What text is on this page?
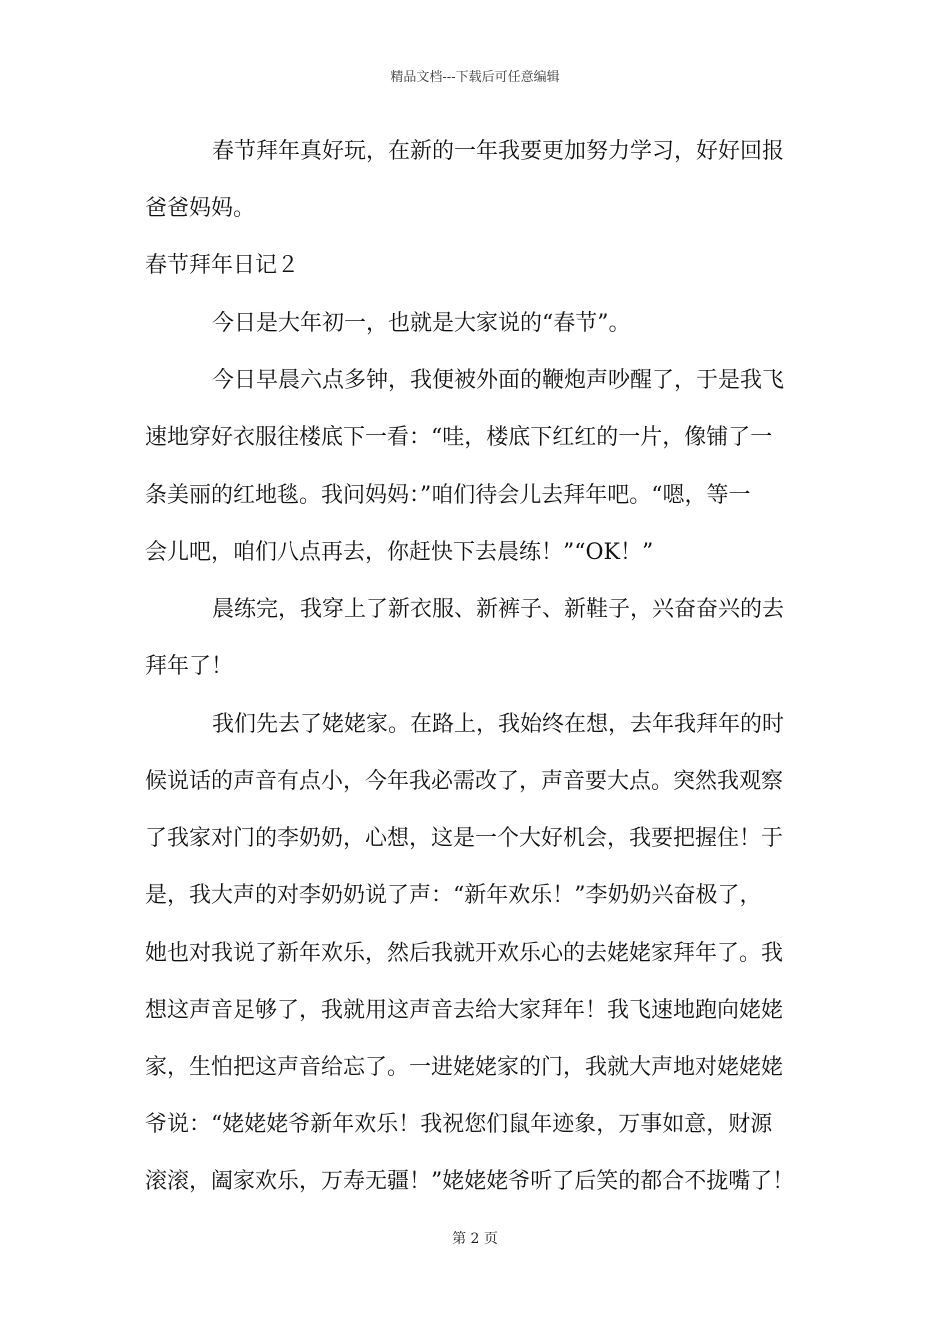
精品文档---下载后可任意编辑
春节拜年真好玩，在新的一年我要更加努力学习，好好回报
爸爸妈妈。
春节拜年日记２
今日是大年初一，也就是大家说的“春节”。
今日早晨六点多钟，我便被外面的鞭炮声吵醒了，于是我飞
速地穿好衣服往楼底下一看：“哇，楼底下红红的一片，像铺了一
条美丽的红地毯。我问妈妈：”咱们待会儿去拜年吧。“嗯，等一
会儿吧，咱们八点再去，你赶快下去晨练！”“OK！”
晨练完，我穿上了新衣服、新裤子、新鞋子，兴奋奋兴的去
拜年了！
我们先去了姥姥家。在路上，我始终在想，去年我拜年的时
候说话的声音有点小，今年我必需改了，声音要大点。突然我观察
了我家对门的李奶奶，心想，这是一个大好机会，我要把握住！于
是，我大声的对李奶奶说了声：“新年欢乐！”李奶奶兴奋极了，
她也对我说了新年欢乐，然后我就开欢乐心的去姥姥家拜年了。我
想这声音足够了，我就用这声音去给大家拜年！我飞速地跑向姥姥
家，生怕把这声音给忘了。一进姥姥家的门，我就大声地对姥姥姥
爷说：“姥姥姥爷新年欢乐！我祝您们鼠年迹象，万事如意，财源
滚滚，阖家欢乐，万寿无疆！”姥姥姥爷听了后笑的都合不拢嘴了！
第 2 页
